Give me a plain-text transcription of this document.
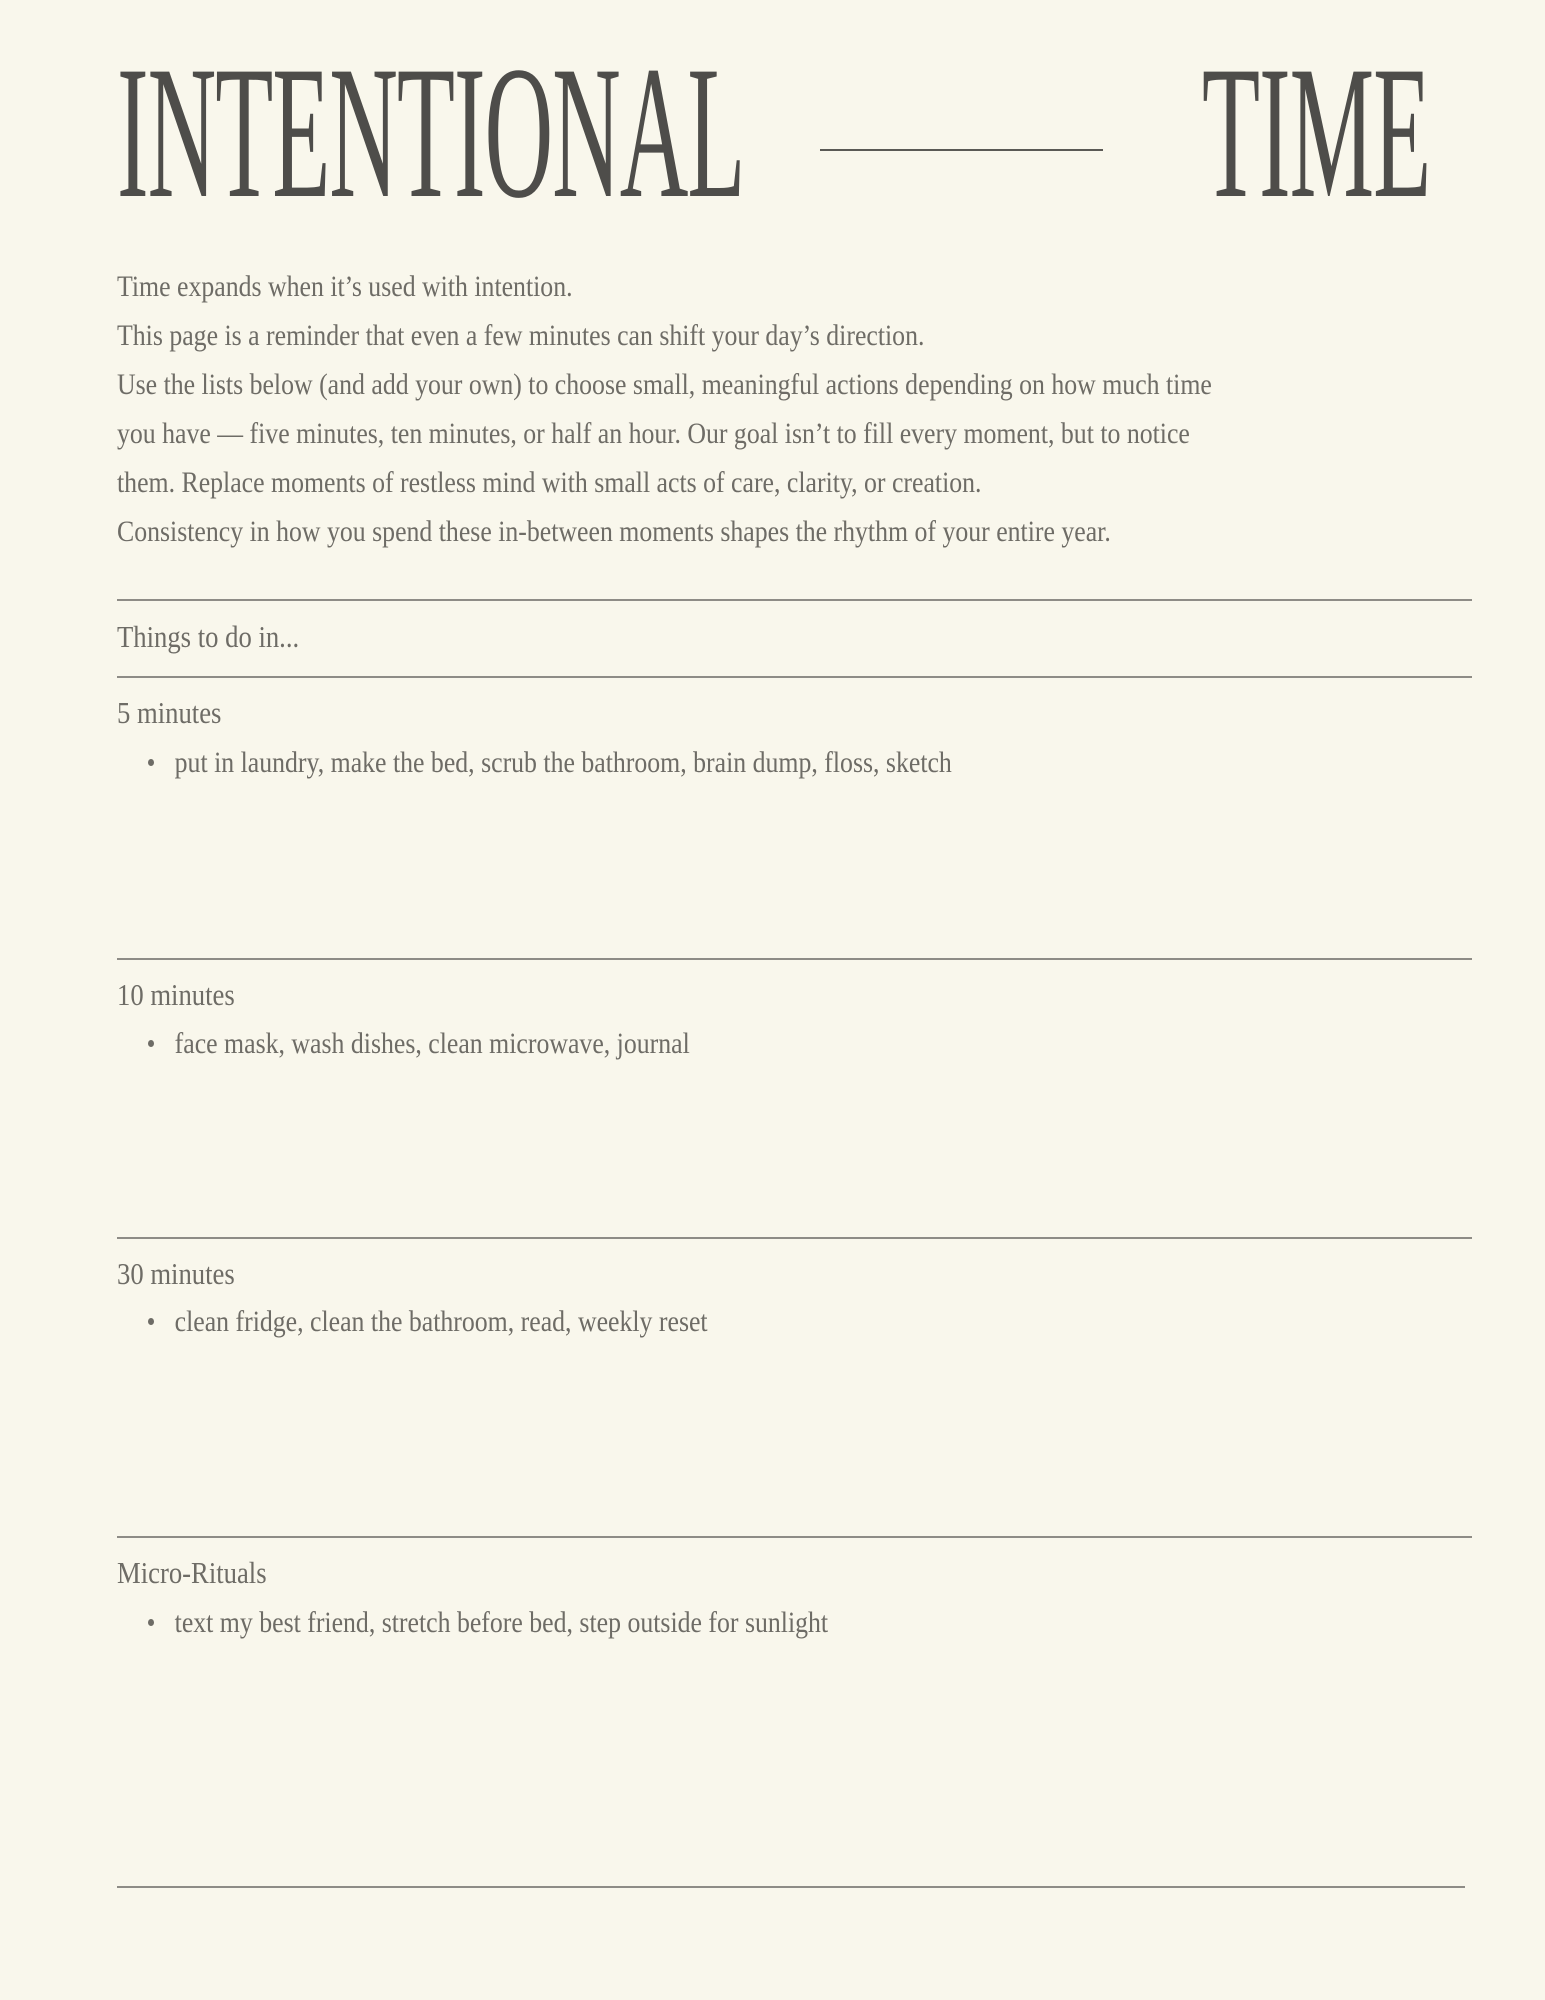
INTENTIONAL TIME

Time expands when it’s used with intention.

This page is a reminder that even a few minutes can shift your day’s direction.

Use the lists below (and add your own) to choose small, meaningful actions depending on how much time

you have — five minutes, ten minutes, or half an hour. Our goal isn’t to fill every moment, but to notice

them. Replace moments of restless mind with small acts of care, clarity, or creation.

Consistency in how you spend these in-between moments shapes the rhythm of your entire year.

Things to do in...
5 minutes
put in laundry, make the bed, scrub the bathroom, brain dump, floss, sketch
10 minutes
face mask, wash dishes, clean microwave, journal
30 minutes
clean fridge, clean the bathroom, read, weekly reset
Micro-Rituals
text my best friend, stretch before bed, step outside for sunlight
